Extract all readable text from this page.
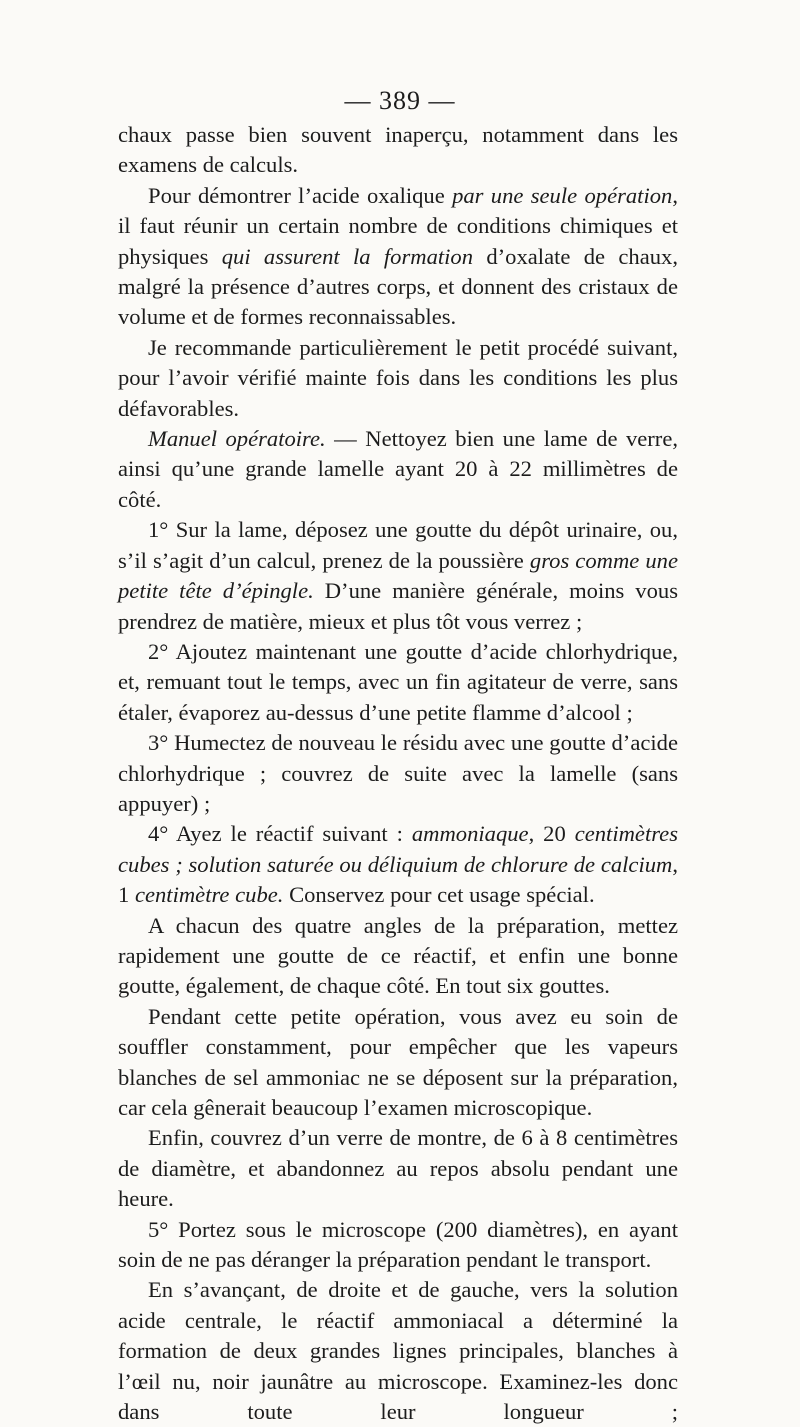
— 389 —

chaux passe bien souvent inaperçu, notamment dans les examens de calculs.

Pour démontrer l’acide oxalique par une seule opération, il faut réunir un certain nombre de conditions chimiques et physiques qui assurent la formation d’oxalate de chaux, malgré la présence d’autres corps, et donnent des cristaux de volume et de formes reconnaissables.

Je recommande particulièrement le petit procédé suivant, pour l’avoir vérifié mainte fois dans les conditions les plus défavorables.

Manuel opératoire. — Nettoyez bien une lame de verre, ainsi qu’une grande lamelle ayant 20 à 22 millimètres de côté.

1° Sur la lame, déposez une goutte du dépôt urinaire, ou, s’il s’agit d’un calcul, prenez de la poussière gros comme une petite tête d’épingle. D’une manière générale, moins vous prendrez de matière, mieux et plus tôt vous verrez ;

2° Ajoutez maintenant une goutte d’acide chlorhydrique, et, remuant tout le temps, avec un fin agitateur de verre, sans étaler, évaporez au-dessus d’une petite flamme d’alcool ;

3° Humectez de nouveau le résidu avec une goutte d’acide chlorhydrique ; couvrez de suite avec la lamelle (sans appuyer) ;

4° Ayez le réactif suivant : ammoniaque, 20 centimètres cubes ; solution saturée ou déliquium de chlorure de calcium, 1 centimètre cube. Conservez pour cet usage spécial.

A chacun des quatre angles de la préparation, mettez rapidement une goutte de ce réactif, et enfin une bonne goutte, également, de chaque côté. En tout six gouttes.

Pendant cette petite opération, vous avez eu soin de souffler constamment, pour empêcher que les vapeurs blanches de sel ammoniac ne se déposent sur la préparation, car cela gênerait beaucoup l’examen microscopique.

Enfin, couvrez d’un verre de montre, de 6 à 8 centimètres de diamètre, et abandonnez au repos absolu pendant une heure.

5° Portez sous le microscope (200 diamètres), en ayant soin de ne pas déranger la préparation pendant le transport.

En s’avançant, de droite et de gauche, vers la solution acide centrale, le réactif ammoniacal a déterminé la formation de deux grandes lignes principales, blanches à l’œil nu, noir jaunâtre au microscope. Examinez-les donc dans toute leur longueur ;
